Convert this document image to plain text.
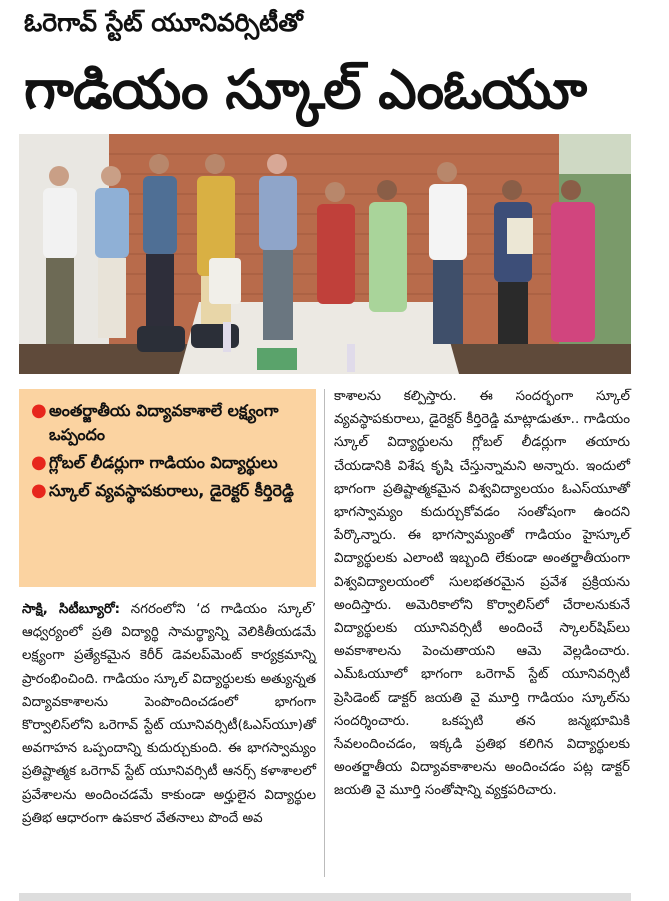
ఓరెగావ్ స్టేట్ యూనివర్సిటీతో
గాడియం స్కూల్ ఎంఓయూ
● అంతర్జాతీయ విద్యావకాశాలే లక్ష్యంగా ఒప్పందం
● గ్లోబల్ లీడర్లుగా గాడియం విద్యార్థులు
● స్కూల్ వ్యవస్థాపకురాలు, డైరెక్టర్ కీర్తిరెడ్డి
సాక్షి, సిటీబ్యూరో: నగరంలోని ‘ద గాడియం స్కూల్’ ఆధ్వర్యంలో ప్రతి విద్యార్థి సామర్థ్యాన్ని వెలికితీయడమే లక్ష్యంగా ప్రత్యేకమైన కెరీర్ డెవలప్‌మెంట్ కార్యక్రమాన్ని ప్రారంభించింది. గాడియం స్కూల్ విద్యార్థులకు అత్యున్నత విద్యావకాశాలను పెంపొందించడంలో భాగంగా కొర్వాలిస్‌లోని ఒరెగావ్ స్టేట్ యూనివర్సిటీ(ఓఎస్‌యూ)తో అవగాహన ఒప్పందాన్ని కుదుర్చుకుంది. ఈ భాగస్వామ్యం ప్రతిష్టాత్మక ఒరెగావ్ స్టేట్ యూనివర్సిటీ ఆనర్స్ కళాశాలలో ప్రవేశాలను అందించడమే కాకుండా అర్హులైన విద్యార్థుల ప్రతిభ ఆధారంగా ఉపకార వేతనాలు పొందే అవ
కాశాలను కల్పిస్తారు. ఈ సందర్భంగా స్కూల్ వ్యవస్థాపకురాలు, డైరెక్టర్ కీర్తిరెడ్డి మాట్లాడుతూ.. గాడియం స్కూల్ విద్యార్థులను గ్లోబల్ లీడర్లుగా తయారు చేయడానికి విశేష కృషి చేస్తున్నామని అన్నారు. ఇందులో భాగంగా ప్రతిష్టాత్మకమైన విశ్వవిద్యాలయం ఓఎస్‌యూతో భాగస్వామ్యం కుదుర్చుకోవడం సంతోషంగా ఉందని పేర్కొన్నారు. ఈ భాగస్వామ్యంతో గాడియం హైస్కూల్ విద్యార్థులకు ఎలాంటి ఇబ్బంది లేకుండా అంతర్జాతీయంగా విశ్వవిద్యాలయంలో సులభతరమైన ప్రవేశ ప్రక్రియను అందిస్తారు. అమెరికాలోని కొర్వాలిస్‌లో చేరాలనుకునే విద్యార్థులకు యూనివర్సిటీ అందించే స్కాలర్‌షిప్‌లు అవకాశాలను పెంచుతాయని ఆమె వెల్లడించారు. ఎమ్ఓయూలో భాగంగా ఒరెగావ్ స్టేట్ యూనివర్సిటీ ప్రెసిడెంట్ డాక్టర్ జయతి వై మూర్తి గాడియం స్కూల్‌ను సందర్శించారు. ఒకప్పటి తన జన్మభూమికి సేవలందించడం, ఇక్కడి ప్రతిభ కలిగిన విద్యార్థులకు అంతర్జాతీయ విద్యావకాశాలను అందించడం పట్ల డాక్టర్ జయతి వై మూర్తి సంతోషాన్ని వ్యక్తపరిచారు.
